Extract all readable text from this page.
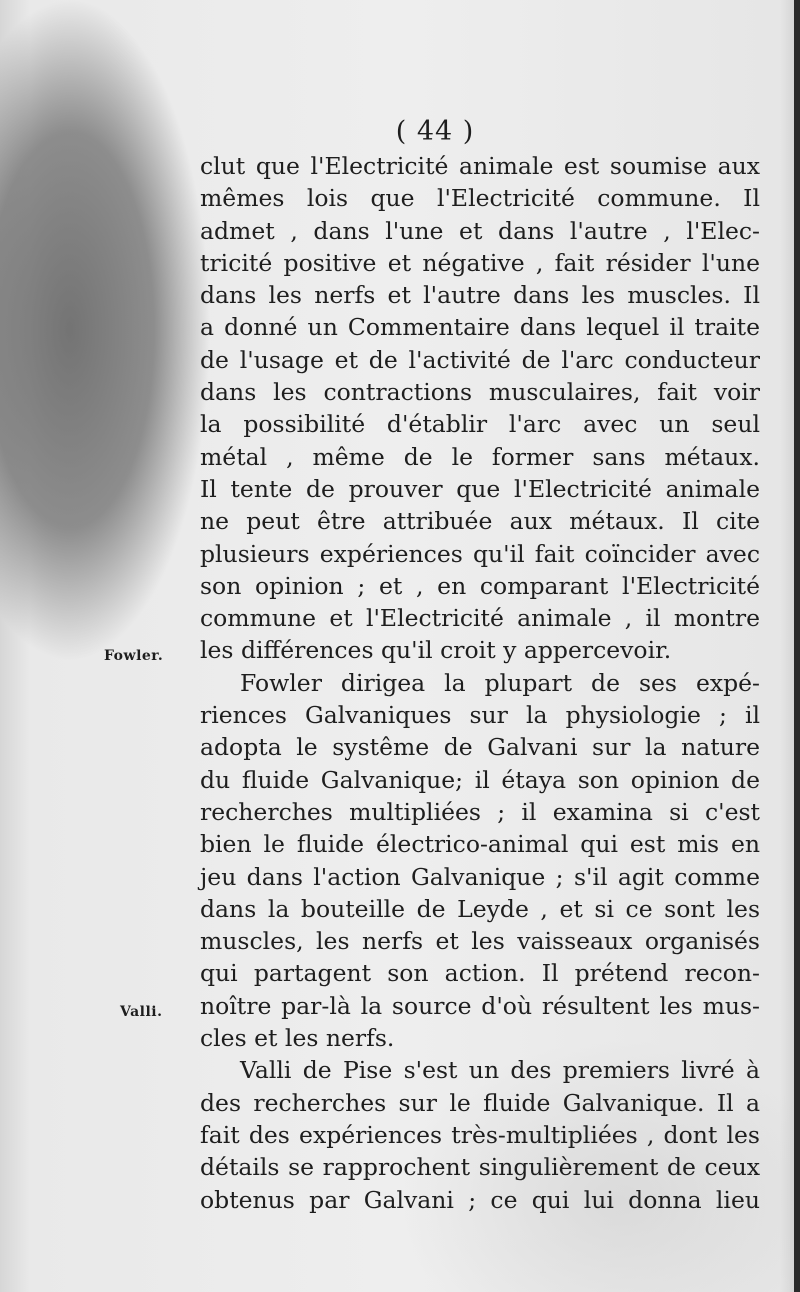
( 44 )
Fowler.
Valli.
clut que l'Electricité animale est soumise aux
mêmes lois que l'Electricité commune. Il
admet , dans l'une et dans l'autre , l'Elec-
tricité positive et négative , fait résider l'une
dans les nerfs et l'autre dans les muscles. Il
a donné un Commentaire dans lequel il traite
de l'usage et de l'activité de l'arc conducteur
dans les contractions musculaires, fait voir
la possibilité d'établir l'arc avec un seul
métal , même de le former sans métaux.
Il tente de prouver que l'Electricité animale
ne peut être attribuée aux métaux. Il cite
plusieurs expériences qu'il fait coïncider avec
son opinion ; et , en comparant l'Electricité
commune et l'Electricité animale , il montre
les différences qu'il croit y appercevoir.
Fowler dirigea la plupart de ses expé-
riences Galvaniques sur la physiologie ; il
adopta le systême de Galvani sur la nature
du fluide Galvanique; il étaya son opinion de
recherches multipliées ; il examina si c'est
bien le fluide électrico-animal qui est mis en
jeu dans l'action Galvanique ; s'il agit comme
dans la bouteille de Leyde , et si ce sont les
muscles, les nerfs et les vaisseaux organisés
qui partagent son action. Il prétend recon-
noître par-là la source d'où résultent les mus-
cles et les nerfs.
Valli de Pise s'est un des premiers livré à
des recherches sur le fluide Galvanique. Il a
fait des expériences très-multipliées , dont les
détails se rapprochent singulièrement de ceux
obtenus par Galvani ; ce qui lui donna lieu
